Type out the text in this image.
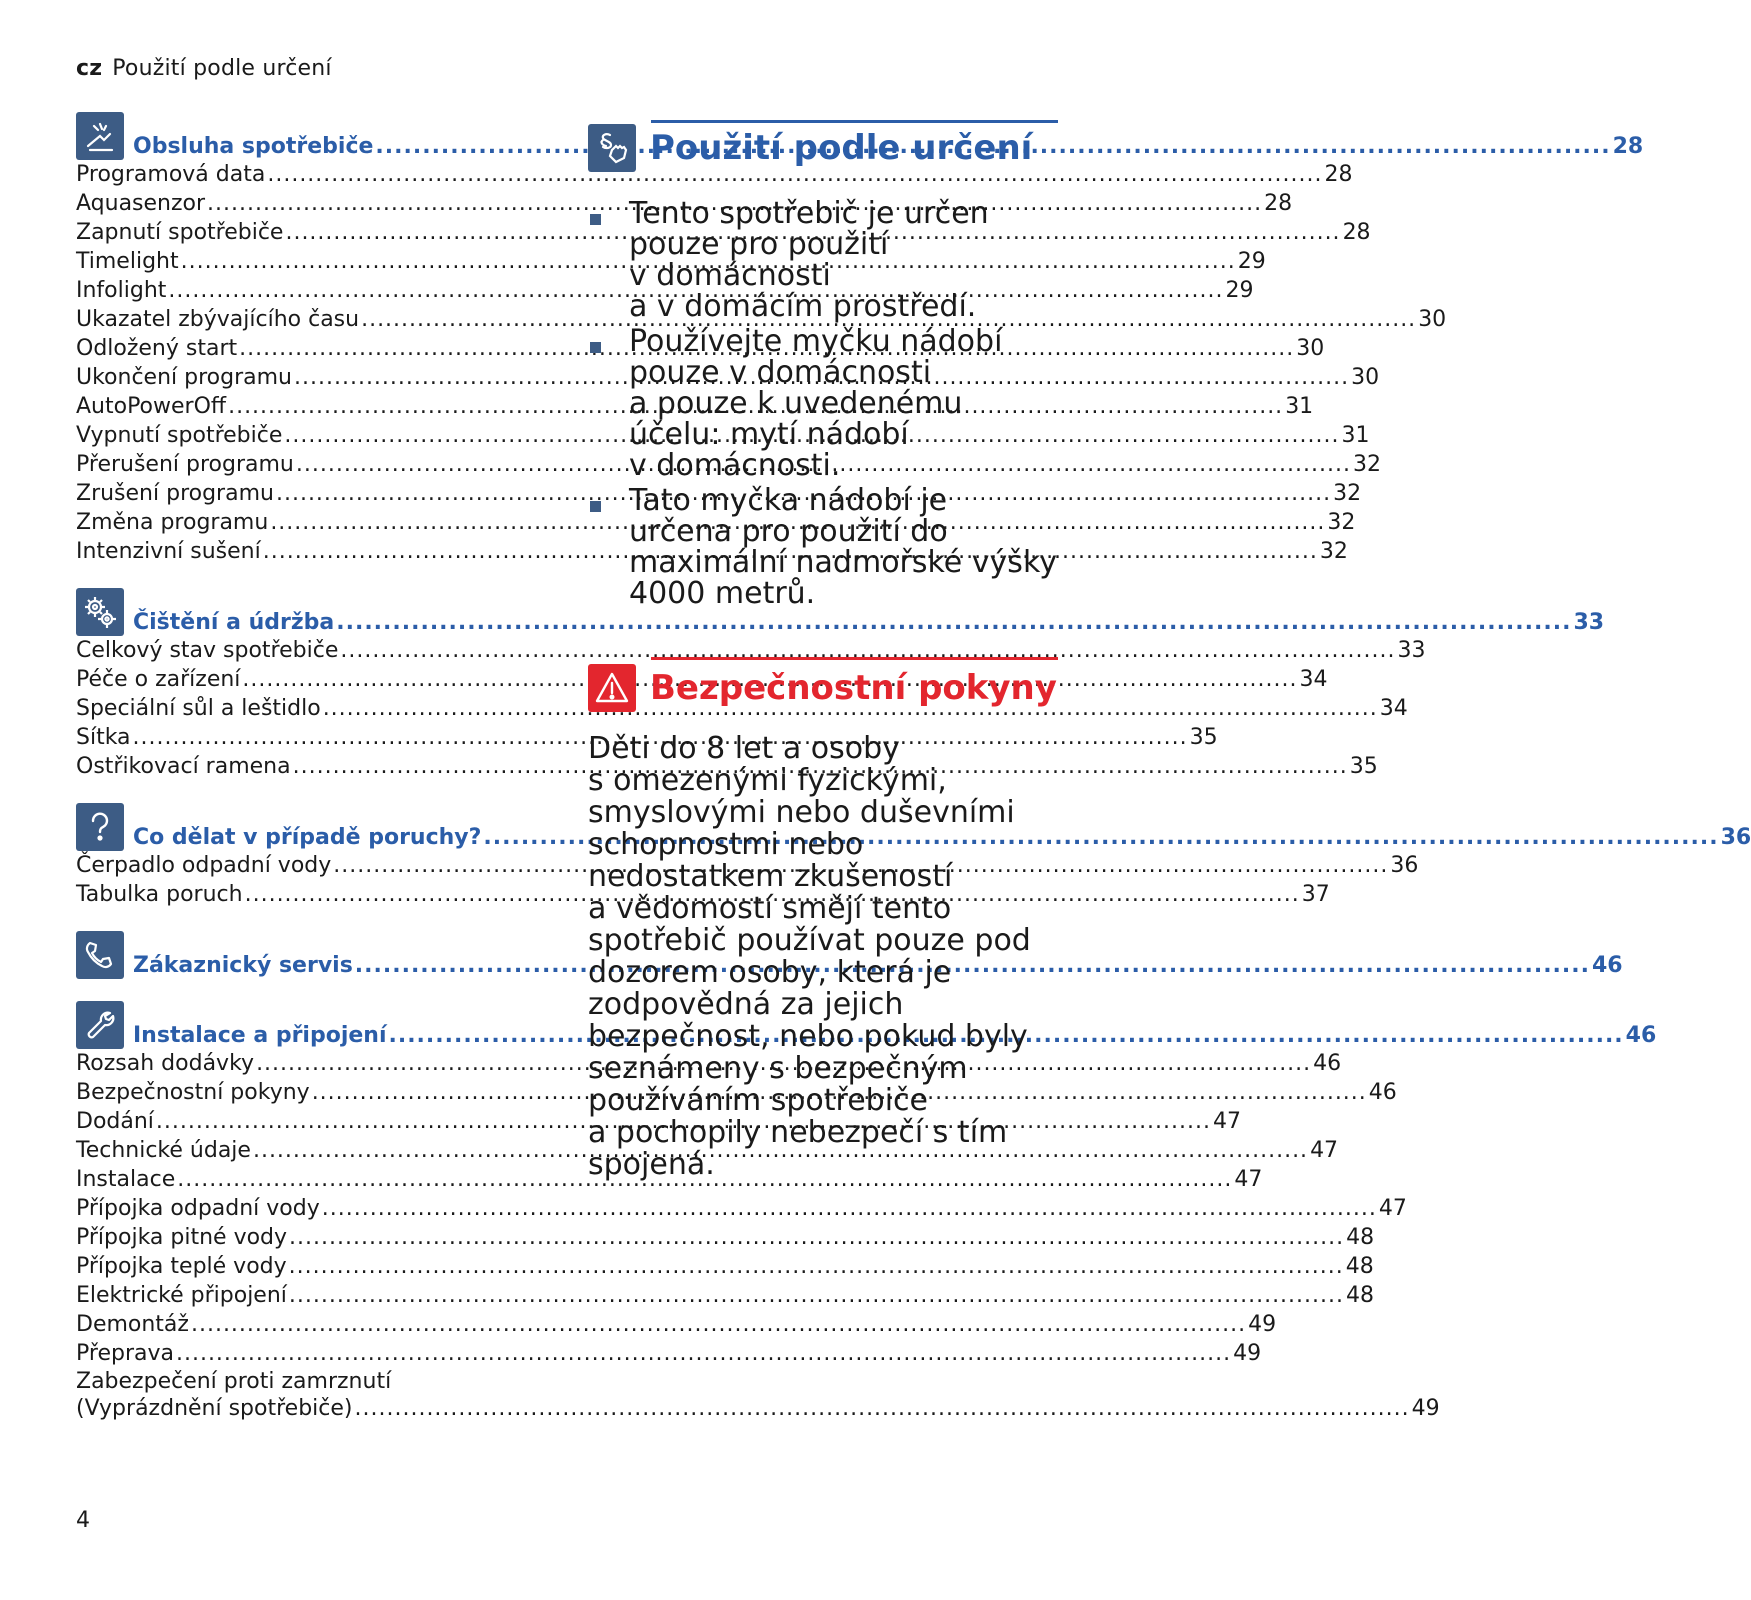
cz Použití podle určení
Obsluha spotřebiče .....	28
Programová data .....	28
Aquasenzor .....	28
Zapnutí spotřebiče .....	28
Timelight .....	29
Infolight .....	29
Ukazatel zbývajícího času .....	30
Odložený start .....	30
Ukončení programu .....	30
AutoPowerOff .....	31
Vypnutí spotřebiče .....	31
Přerušení programu .....	32
Zrušení programu .....	32
Změna programu .....	32
Intenzivní sušení .....	32
Čištění a údržba .....	33
Celkový stav spotřebiče .....	33
Péče o zařízení .....	34
Speciální sůl a leštidlo .....	34
Sítka .....	35
Ostřikovací ramena .....	35
Co dělat v případě poruchy? .....	36
Čerpadlo odpadní vody .....	36
Tabulka poruch .....	37
Zákaznický servis .....	46
Instalace a připojení .....	46
Rozsah dodávky .....	46
Bezpečnostní pokyny .....	46
Dodání .....	47
Technické údaje .....	47
Instalace .....	47
Přípojka odpadní vody .....	47
Přípojka pitné vody .....	48
Přípojka teplé vody .....	48
Elektrické připojení .....	48
Demontáž .....	49
Přeprava .....	49
Zabezpečení proti zamrznutí
(Vyprázdnění spotřebiče) .....	49
Použití podle určení
Tento spotřebič je určen
pouze pro použití
v domácnosti
a v domácím prostředí.
Používejte myčku nádobí
pouze v domácnosti
a pouze k uvedenému
účelu: mytí nádobí
v domácnosti.
Tato myčka nádobí je
určena pro použití do
maximální nadmořské výšky
4000 metrů.
Bezpečnostní pokyny
Děti do 8 let a osoby
s omezenými fyzickými,
smyslovými nebo duševními
schopnostmi nebo
nedostatkem zkušeností
a vědomostí smějí tento
spotřebič používat pouze pod
dozorem osoby, která je
zodpovědná za jejich
bezpečnost, nebo pokud byly
seznámeny s bezpečným
používáním spotřebiče
a pochopily nebezpečí s tím
spojená.
4
